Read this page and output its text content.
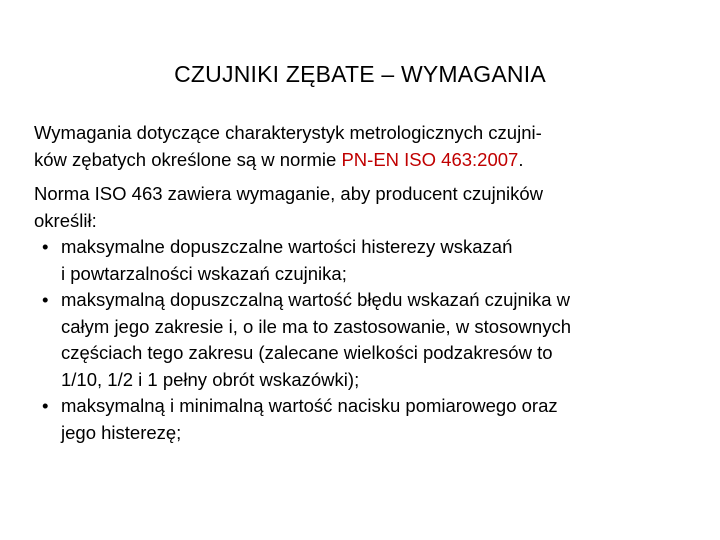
CZUJNIKI ZĘBATE – WYMAGANIA
Wymagania dotyczące charakterystyk metrologicznych czujni-
ków zębatych określone są w normie PN-EN ISO 463:2007.
Norma ISO 463 zawiera wymaganie, aby producent czujników
określił:
• maksymalne dopuszczalne wartości histerezy wskazań
i powtarzalności wskazań czujnika;
• maksymalną dopuszczalną wartość błędu wskazań czujnika w
całym jego zakresie i, o ile ma to zastosowanie, w stosownych
częściach tego zakresu (zalecane wielkości podzakresów to
1/10, 1/2 i 1 pełny obrót wskazówki);
• maksymalną i minimalną wartość nacisku pomiarowego oraz
jego histerezę;
